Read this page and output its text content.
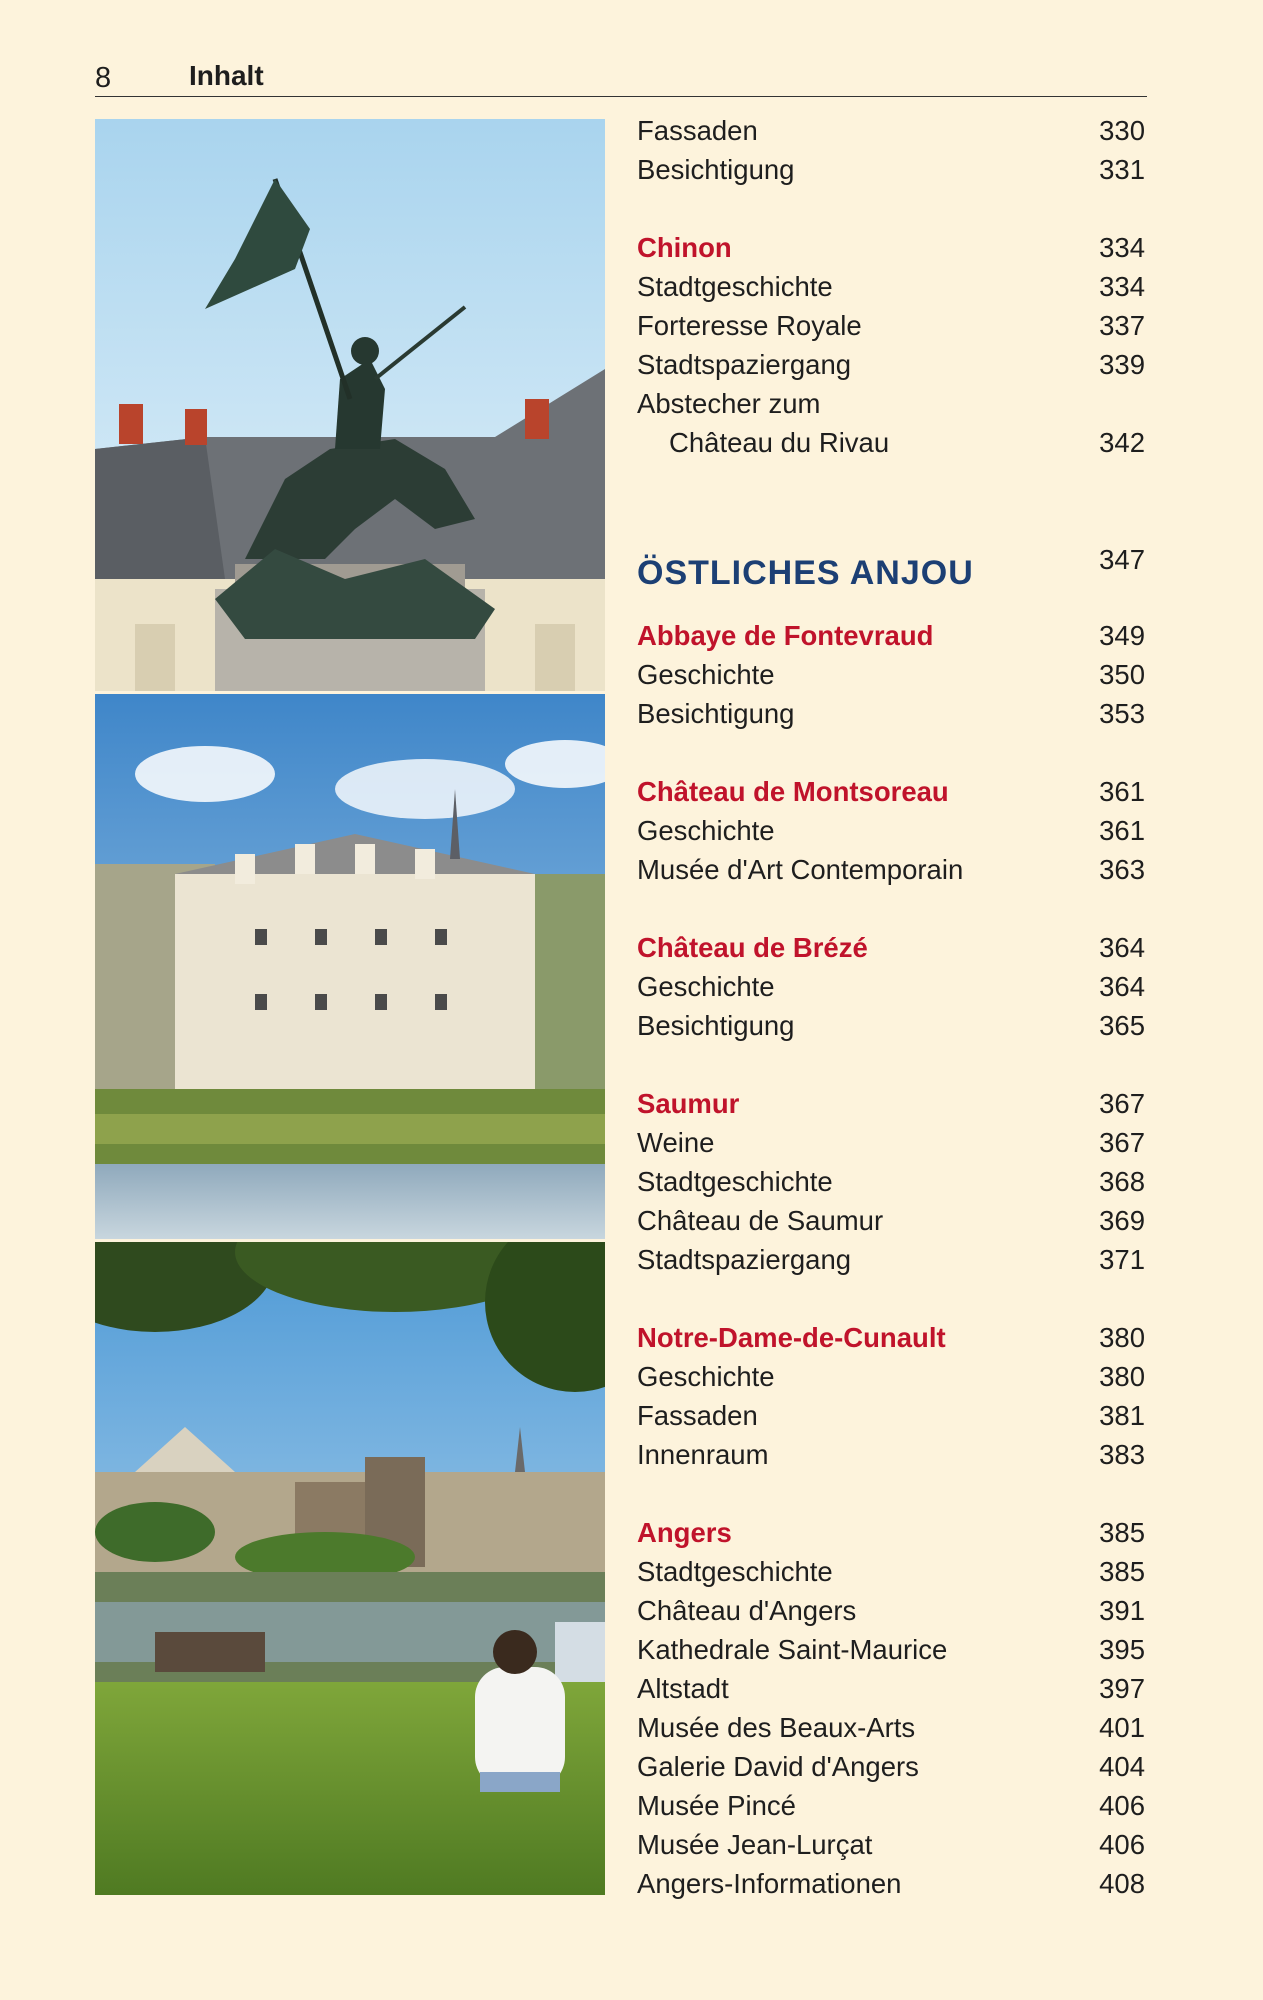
8	Inhalt
Fassaden	330
Besichtigung	331
Chinon	334
Stadtgeschichte	334
Forteresse Royale	337
Stadtspaziergang	339
Abstecher zum
Château du Rivau	342
ÖSTLICHES ANJOU	347
Abbaye de Fontevraud	349
Geschichte	350
Besichtigung	353
Château de Montsoreau	361
Geschichte	361
Musée d'Art Contemporain	363
Château de Brézé	364
Geschichte	364
Besichtigung	365
Saumur	367
Weine	367
Stadtgeschichte	368
Château de Saumur	369
Stadtspaziergang	371
Notre-Dame-de-Cunault	380
Geschichte	380
Fassaden	381
Innenraum	383
Angers	385
Stadtgeschichte	385
Château d'Angers	391
Kathedrale Saint-Maurice	395
Altstadt	397
Musée des Beaux-Arts	401
Galerie David d'Angers	404
Musée Pincé	406
Musée Jean-Lurçat	406
Angers-Informationen	408
